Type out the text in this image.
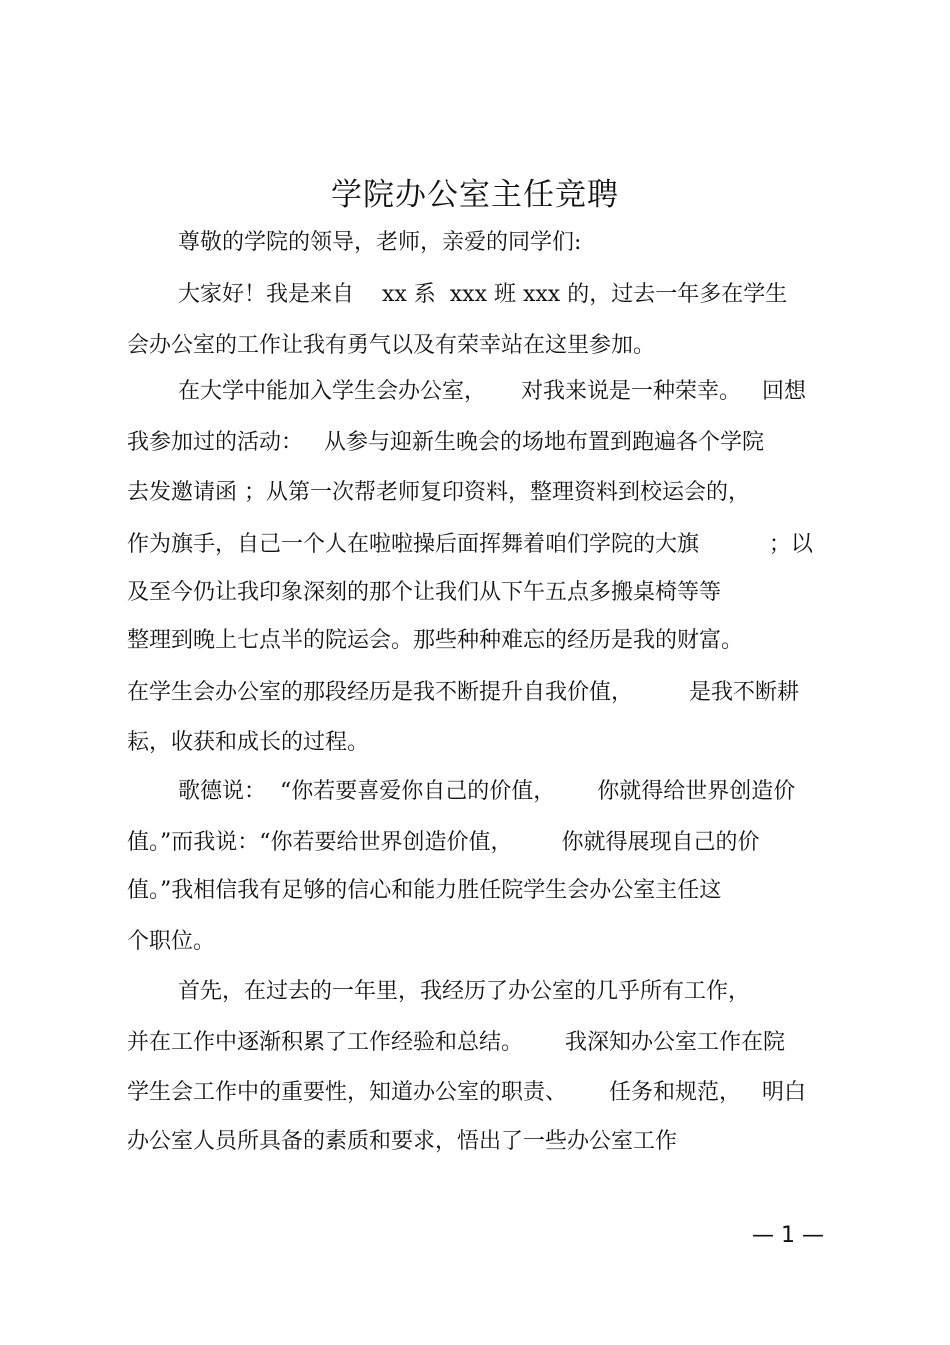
学院办公室主任竞聘
尊敬的学院的领导，老师，亲爱的同学们:
大家好！我是来自    xx 系  xxx 班 xxx 的，过去一年多在学生
会办公室的工作让我有勇气以及有荣幸站在这里参加。
在大学中能加入学生会办公室，     对我来说是一种荣幸。   回想
我参加过的活动：   从参与迎新生晚会的场地布置到跑遍各个学院
去发邀请函 ；从第一次帮老师复印资料，整理资料到校运会的，
作为旗手，自己一个人在啦啦操后面挥舞着咱们学院的大旗          ；以
及至今仍让我印象深刻的那个让我们从下午五点多搬桌椅等等
整理到晚上七点半的院运会。那些种种难忘的经历是我的财富。
在学生会办公室的那段经历是我不断提升自我价值，        是我不断耕
耘，收获和成长的过程。
歌德说：  “你若要喜爱你自己的价值，      你就得给世界创造价
值。”而我说：“你若要给世界创造价值，       你就得展现自己的价
值。”我相信我有足够的信心和能力胜任院学生会办公室主任这
个职位。
首先，在过去的一年里，我经历了办公室的几乎所有工作，
并在工作中逐渐积累了工作经验和总结。      我深知办公室工作在院
学生会工作中的重要性，知道办公室的职责、      任务和规范，   明白
办公室人员所具备的素质和要求，悟出了一些办公室工作
— 1 —
